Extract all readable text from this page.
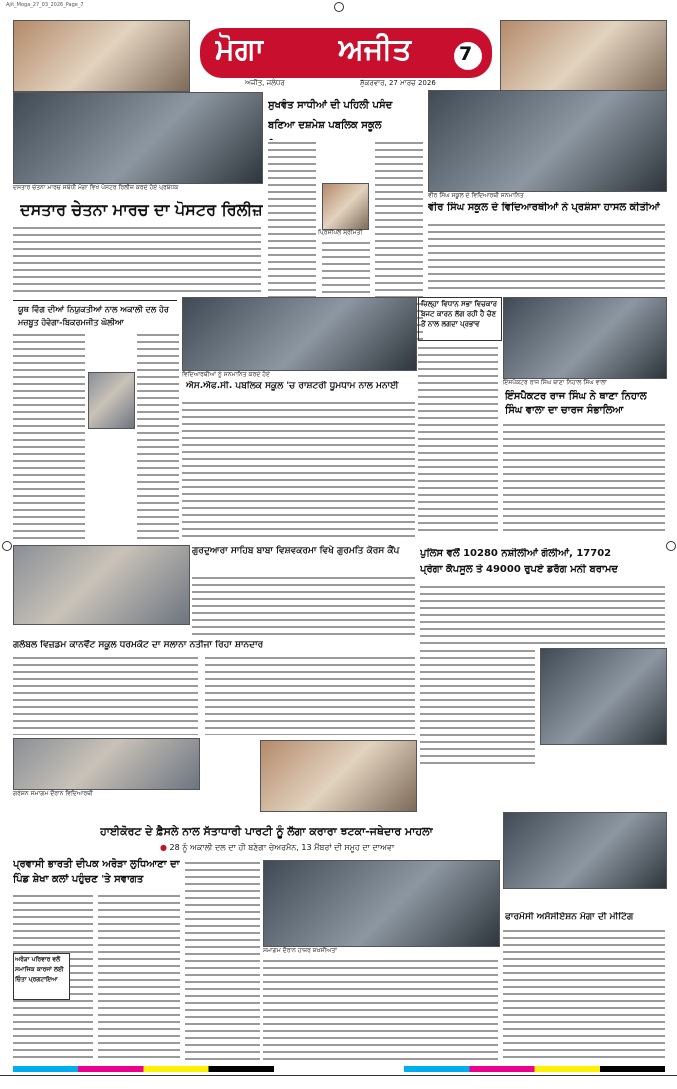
Ajit_Moga_27_03_2026_Page_7
ਮੋਗਾ ਅਜੀਤ 7
ਅਜੀਤ, ਜਲੰਧਰ	ਸ਼ੁੱਕਰਵਾਰ, 27 ਮਾਰਚ 2026
ਦਸਤਾਰ ਚੇਤਨਾ ਮਾਰਚ ਸਬੰਧੀ ਮੋਗਾ ਵਿਖੇ ਪੋਸਟਰ ਰਿਲੀਜ਼ ਕਰਦੇ ਹੋਏ ਪ੍ਰਬੰਧਕ
ਦਸਤਾਰ ਚੇਤਨਾ ਮਾਰਚ ਦਾ ਪੋਸਟਰ ਰਿਲੀਜ਼
ਸੁਖਵੰਤ ਸਾਧੀਆਂ ਦੀ ਪਹਿਲੀ ਪਸੰਦ ਬਣਿਆ ਦਸ਼ਮੇਸ਼ ਪਬਲਿਕ ਸਕੂਲ
ਪ੍ਰਿੰਸੀਪਲ ਸ਼੍ਰੀਮਤੀ
ਵੀਰ ਸਿੰਘ ਸਕੂਲ ਦੇ ਵਿਦਿਆਰਥੀ ਸਨਮਾਨਿਤ
ਵੀਰ ਸਿੰਘ ਸਕੂਲ ਦੇ ਵਿਦਿਆਰਥੀਆਂ ਨੇ ਪ੍ਰਸ਼ੰਸਾ ਹਾਸਲ ਕੀਤੀਆਂ
ਯੂਥ ਵਿੰਗ ਦੀਆਂ ਨਿਯੁਕਤੀਆਂ ਨਾਲ ਅਕਾਲੀ ਦਲ ਹੋਰ ਮਜ਼ਬੂਤ ਹੋਵੇਗਾ-ਬਿਕਰਮਜੀਤ ਘੋਲੀਆ
ਵਿਦਿਆਰਥੀਆਂ ਨੂੰ ਸਨਮਾਨਿਤ ਕਰਦੇ ਹੋਏ
ਐਸ.ਐਫ.ਸੀ. ਪਬਲਿਕ ਸਕੂਲ 'ਚ ਰਾਸ਼ਟਰੀ ਧੂਮਧਾਮ ਨਾਲ ਮਨਾਈ
ਜ਼ਿਲ੍ਹਾ ਵਿਧਾਨ ਸਭਾ ਵਿਚਕਾਰ ਬਜਟ ਕਾਰਨ ਲੱਗ ਰਹੀ ਹੈ ਚੋਣ ਤੋਂ ਨਾਲ ਲਗਦਾ ਪ੍ਰਭਾਵ
ਇੰਸਪੈਕਟਰ ਰਾਜ ਸਿੰਘ ਥਾਣਾ ਨਿਹਾਲ ਸਿੰਘ ਵਾਲਾ
ਇੰਸਪੈਕਟਰ ਰਾਜ ਸਿੰਘ ਨੇ ਥਾਣਾ ਨਿਹਾਲ ਸਿੰਘ ਵਾਲਾ ਦਾ ਚਾਰਜ ਸੰਭਾਲਿਆ
ਗੁਰਦੁਆਰਾ ਸਾਹਿਬ ਬਾਬਾ ਵਿਸ਼ਵਕਰਮਾ ਵਿਖੇ ਗੁਰਮਤਿ ਕੋਰਸ ਕੈਂਪ	ਪੁਲਿਸ ਵਲੋਂ 10280 ਨਸ਼ੀਲੀਆਂ ਗੋਲੀਆਂ, 17702
ਪ੍ਰੇਗਾ ਕੈਪਸੂਲ ਤੇ 49000 ਰੁਪਏ ਡਰੱਗ ਮਨੀ ਬਰਾਮਦ
ਗਲੋਬਲ ਵਿਜ਼ਡਮ ਕਾਨਵੈਂਟ ਸਕੂਲ ਧਰਮਕੋਟ ਦਾ ਸਲਾਨਾ ਨਤੀਜਾ ਰਿਹਾ ਸ਼ਾਨਦਾਰ
ਗਰੇਸ਼ਨ ਸਮਾਗਮ ਦੌਰਾਨ ਵਿਦਿਆਰਥੀ
ਹਾਈਕੋਰਟ ਦੇ ਫ਼ੈਸਲੇ ਨਾਲ ਸੱਤਾਧਾਰੀ ਪਾਰਟੀ ਨੂੰ ਲੱਗਾ ਕਰਾਰਾ ਝਟਕਾ-ਜਥੇਦਾਰ ਮਾਹਲਾ
● 28 ਨੂੰ ਅਕਾਲੀ ਦਲ ਦਾ ਹੀ ਬਣੇਗਾ ਚੇਅਰਮੈਨ, 13 ਮੈਂਬਰਾਂ ਦੀ ਸਮੂਹ ਦਾ ਦਾਅਵਾ
ਸਮਾਗਮ ਦੌਰਾਨ ਹਾਜ਼ਰ ਸ਼ਖ਼ਸੀਅਤਾਂ
ਪ੍ਰਵਾਸੀ ਭਾਰਤੀ ਦੀਪਕ ਅਰੋੜਾ ਲੁਧਿਆਣਾ ਦਾ ਪਿੰਡ ਸ਼ੇਖਾ ਕਲਾਂ ਪਹੁੰਚਣ 'ਤੇ ਸਵਾਗਤ
ਅਰੋੜਾ ਪਰਿਵਾਰ ਵਲੋਂ ਸਮਾਜਿਕ ਕਾਰਜਾਂ ਲਈ ਚਿੰਤਾ ਪ੍ਰਗਟਾਇਆ
ਫਾਰਮੋਸੀ ਅਸੋਸੀਏਸ਼ਨ ਮੋਗਾ ਦੀ ਮੀਟਿੰਗ
